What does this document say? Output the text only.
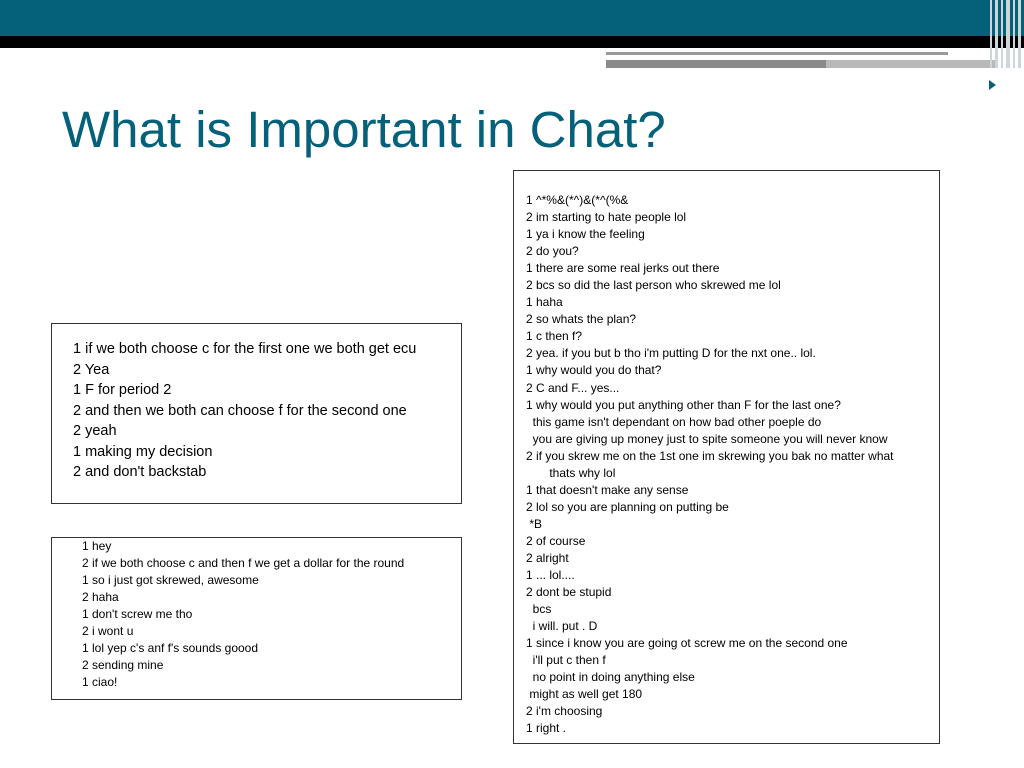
What is Important in Chat?
1 if we both choose c for the first one we both get ecu
2 Yea
1 F for period 2
2 and then we both can choose f for the second one
2 yeah
1 making my decision
2 and don't backstab
1 hey
2 if we both choose c and then f we get a dollar for the round
1 so i just got skrewed, awesome
2 haha
1 don't screw me tho
2 i wont u
1 lol yep c's anf f's sounds goood
2 sending mine
1 ciao!
1 ^*%&(*^)&(*^(%&
2 im starting to hate people lol
1 ya i know the feeling
2 do you?
1 there are some real jerks out there
2 bcs so did the last person who skrewed me lol
1 haha
2 so whats the plan?
1 c then f?
2 yea. if you but b tho i'm putting D for the nxt one.. lol.
1 why would you do that?
2 C and F... yes...
1 why would you put anything other than F for the last one?
this game isn't dependant on how bad other poeple do
you are giving up money just to spite someone you will never know
2 if you skrew me on the 1st one im skrewing you bak no matter what
thats why lol
1 that doesn't make any sense
2 lol so you are planning on putting be
*B
2 of course
2 alright
1 ... lol....
2 dont be stupid
bcs
i will. put . D
1 since i know you are going ot screw me on the second one
i'll put c then f
no point in doing anything else
might as well get 180
2 i'm choosing
1 right .
